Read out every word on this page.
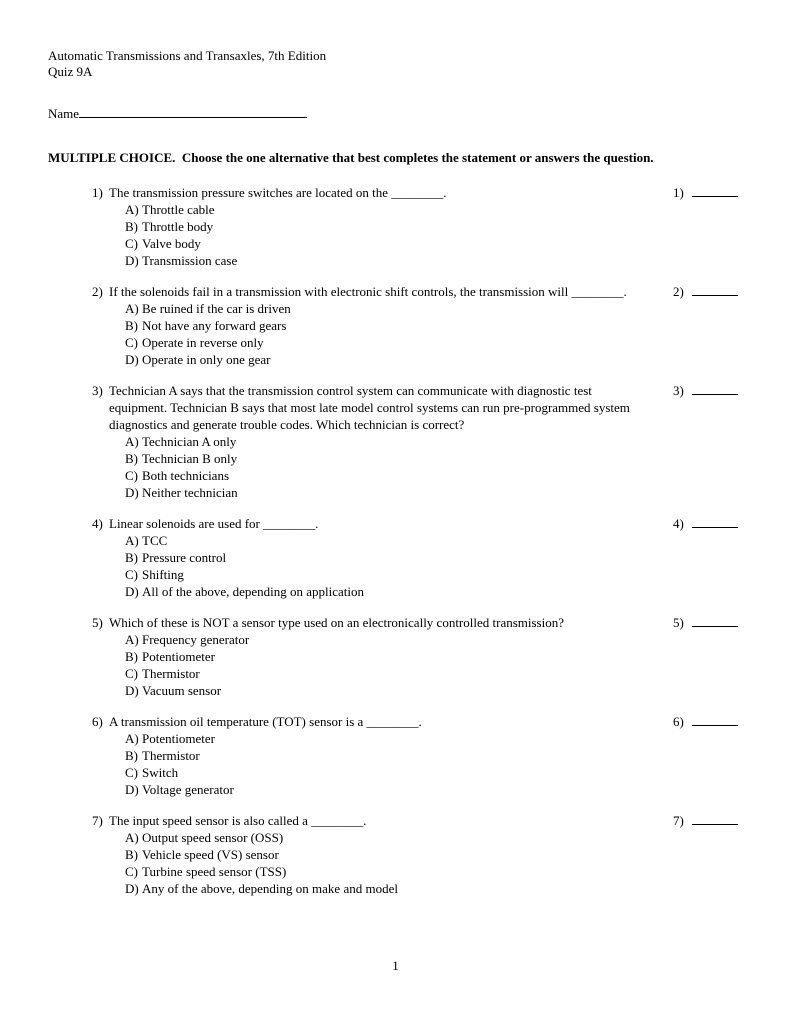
Automatic Transmissions and Transaxles, 7th Edition
Quiz 9A
Name
MULTIPLE CHOICE.  Choose the one alternative that best completes the statement or answers the question.
1) The transmission pressure switches are located on the ________.
A) Throttle cable
B) Throttle body
C) Valve body
D) Transmission case
1)
2) If the solenoids fail in a transmission with electronic shift controls, the transmission will ________.
A) Be ruined if the car is driven
B) Not have any forward gears
C) Operate in reverse only
D) Operate in only one gear
2)
3) Technician A says that the transmission control system can communicate with diagnostic test equipment. Technician B says that most late model control systems can run pre-programmed system diagnostics and generate trouble codes. Which technician is correct?
A) Technician A only
B) Technician B only
C) Both technicians
D) Neither technician
3)
4) Linear solenoids are used for ________.
A) TCC
B) Pressure control
C) Shifting
D) All of the above, depending on application
4)
5) Which of these is NOT a sensor type used on an electronically controlled transmission?
A) Frequency generator
B) Potentiometer
C) Thermistor
D) Vacuum sensor
5)
6) A transmission oil temperature (TOT) sensor is a ________.
A) Potentiometer
B) Thermistor
C) Switch
D) Voltage generator
6)
7) The input speed sensor is also called a ________.
A) Output speed sensor (OSS)
B) Vehicle speed (VS) sensor
C) Turbine speed sensor (TSS)
D) Any of the above, depending on make and model
7)
1
